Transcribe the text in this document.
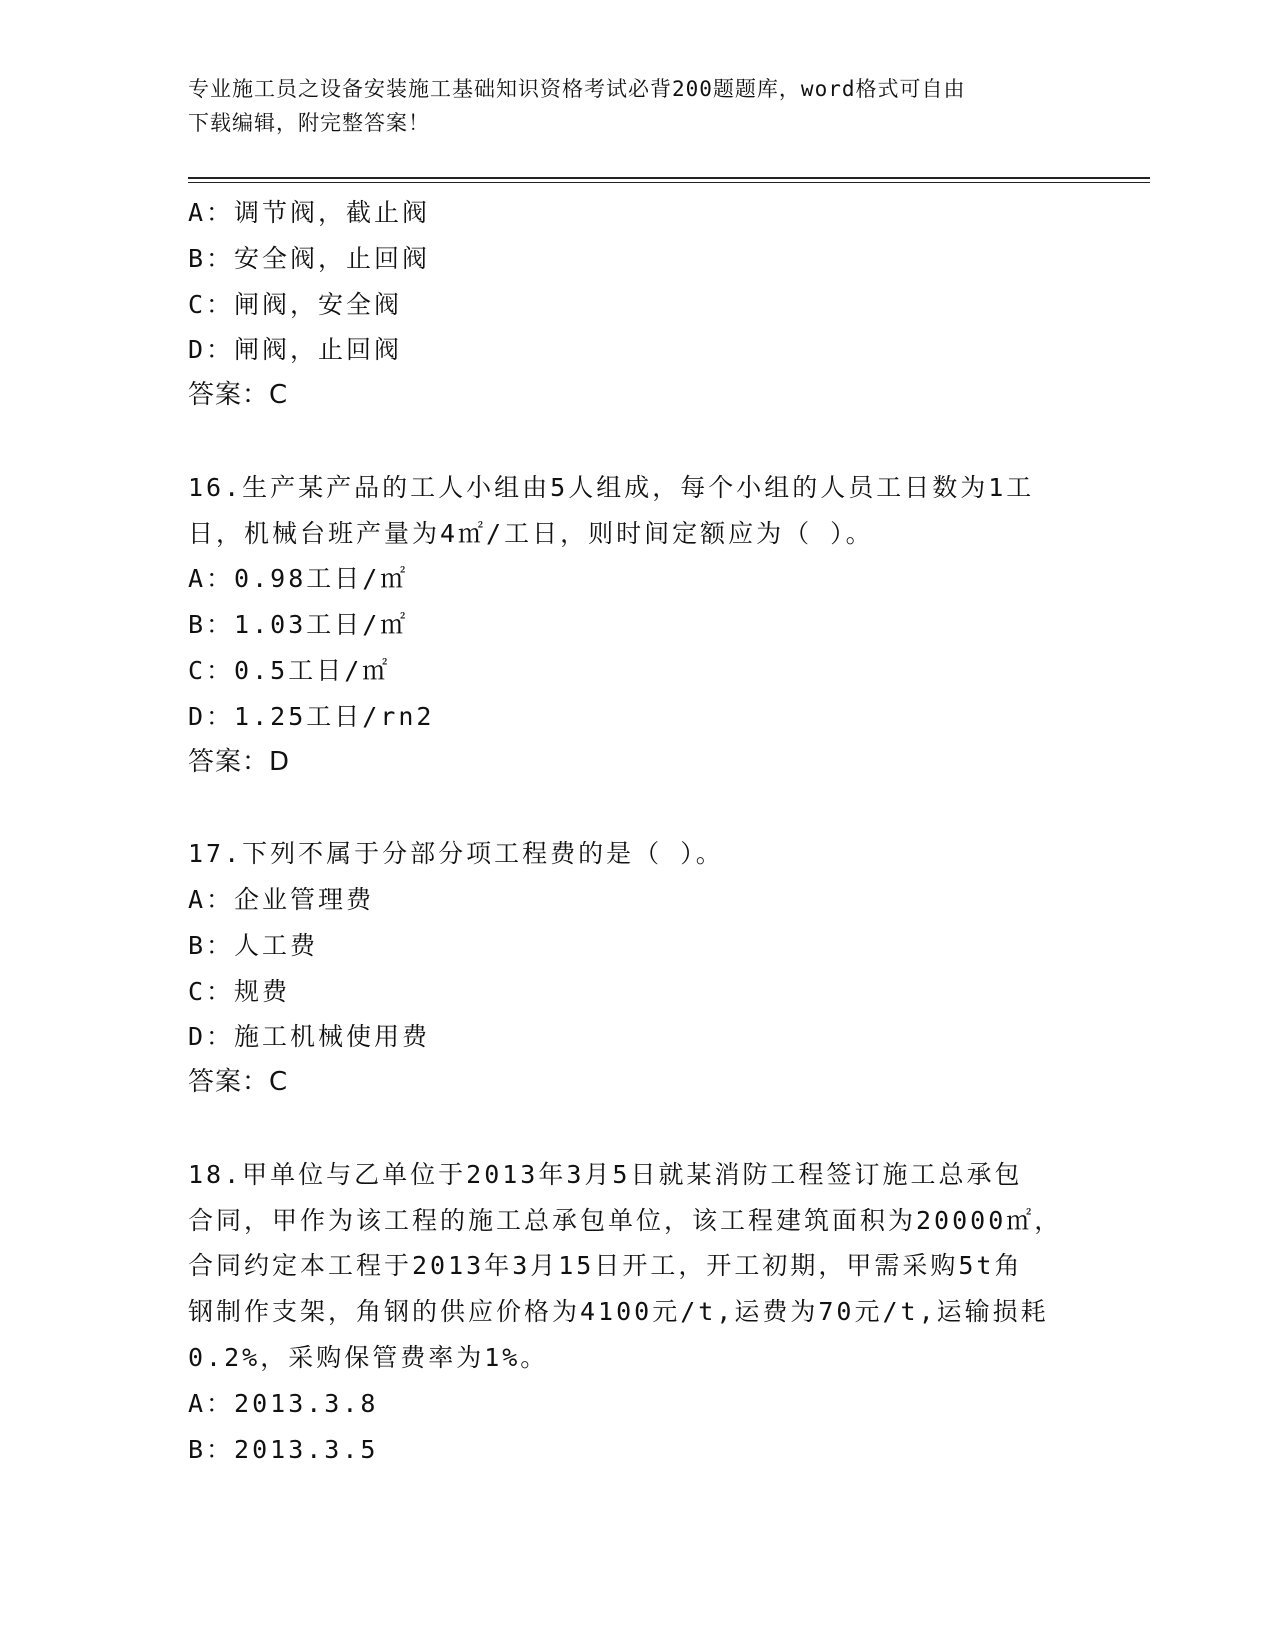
专业施工员之设备安装施工基础知识资格考试必背200题题库，word格式可自由
下载编辑，附完整答案！
A：调节阀，截止阀
B：安全阀，止回阀
C：闸阀，安全阀
D：闸阀，止回阀
答案：C
16.生产某产品的工人小组由5人组成，每个小组的人员工日数为1工
日，机械台班产量为4㎡/工日，则时间定额应为（ ）。
A：0.98工日/㎡
B：1.03工日/㎡
C：0.5工日/㎡
D：1.25工日/rn2
答案：D
17.下列不属于分部分项工程费的是（ ）。
A：企业管理费
B：人工费
C：规费
D：施工机械使用费
答案：C
18.甲单位与乙单位于2013年3月5日就某消防工程签订施工总承包
合同，甲作为该工程的施工总承包单位，该工程建筑面积为20000㎡，
合同约定本工程于2013年3月15日开工，开工初期，甲需采购5t角
钢制作支架，角钢的供应价格为4100元/t,运费为70元/t,运输损耗
0.2%，采购保管费率为1%。
A：2013.3.8
B：2013.3.5
